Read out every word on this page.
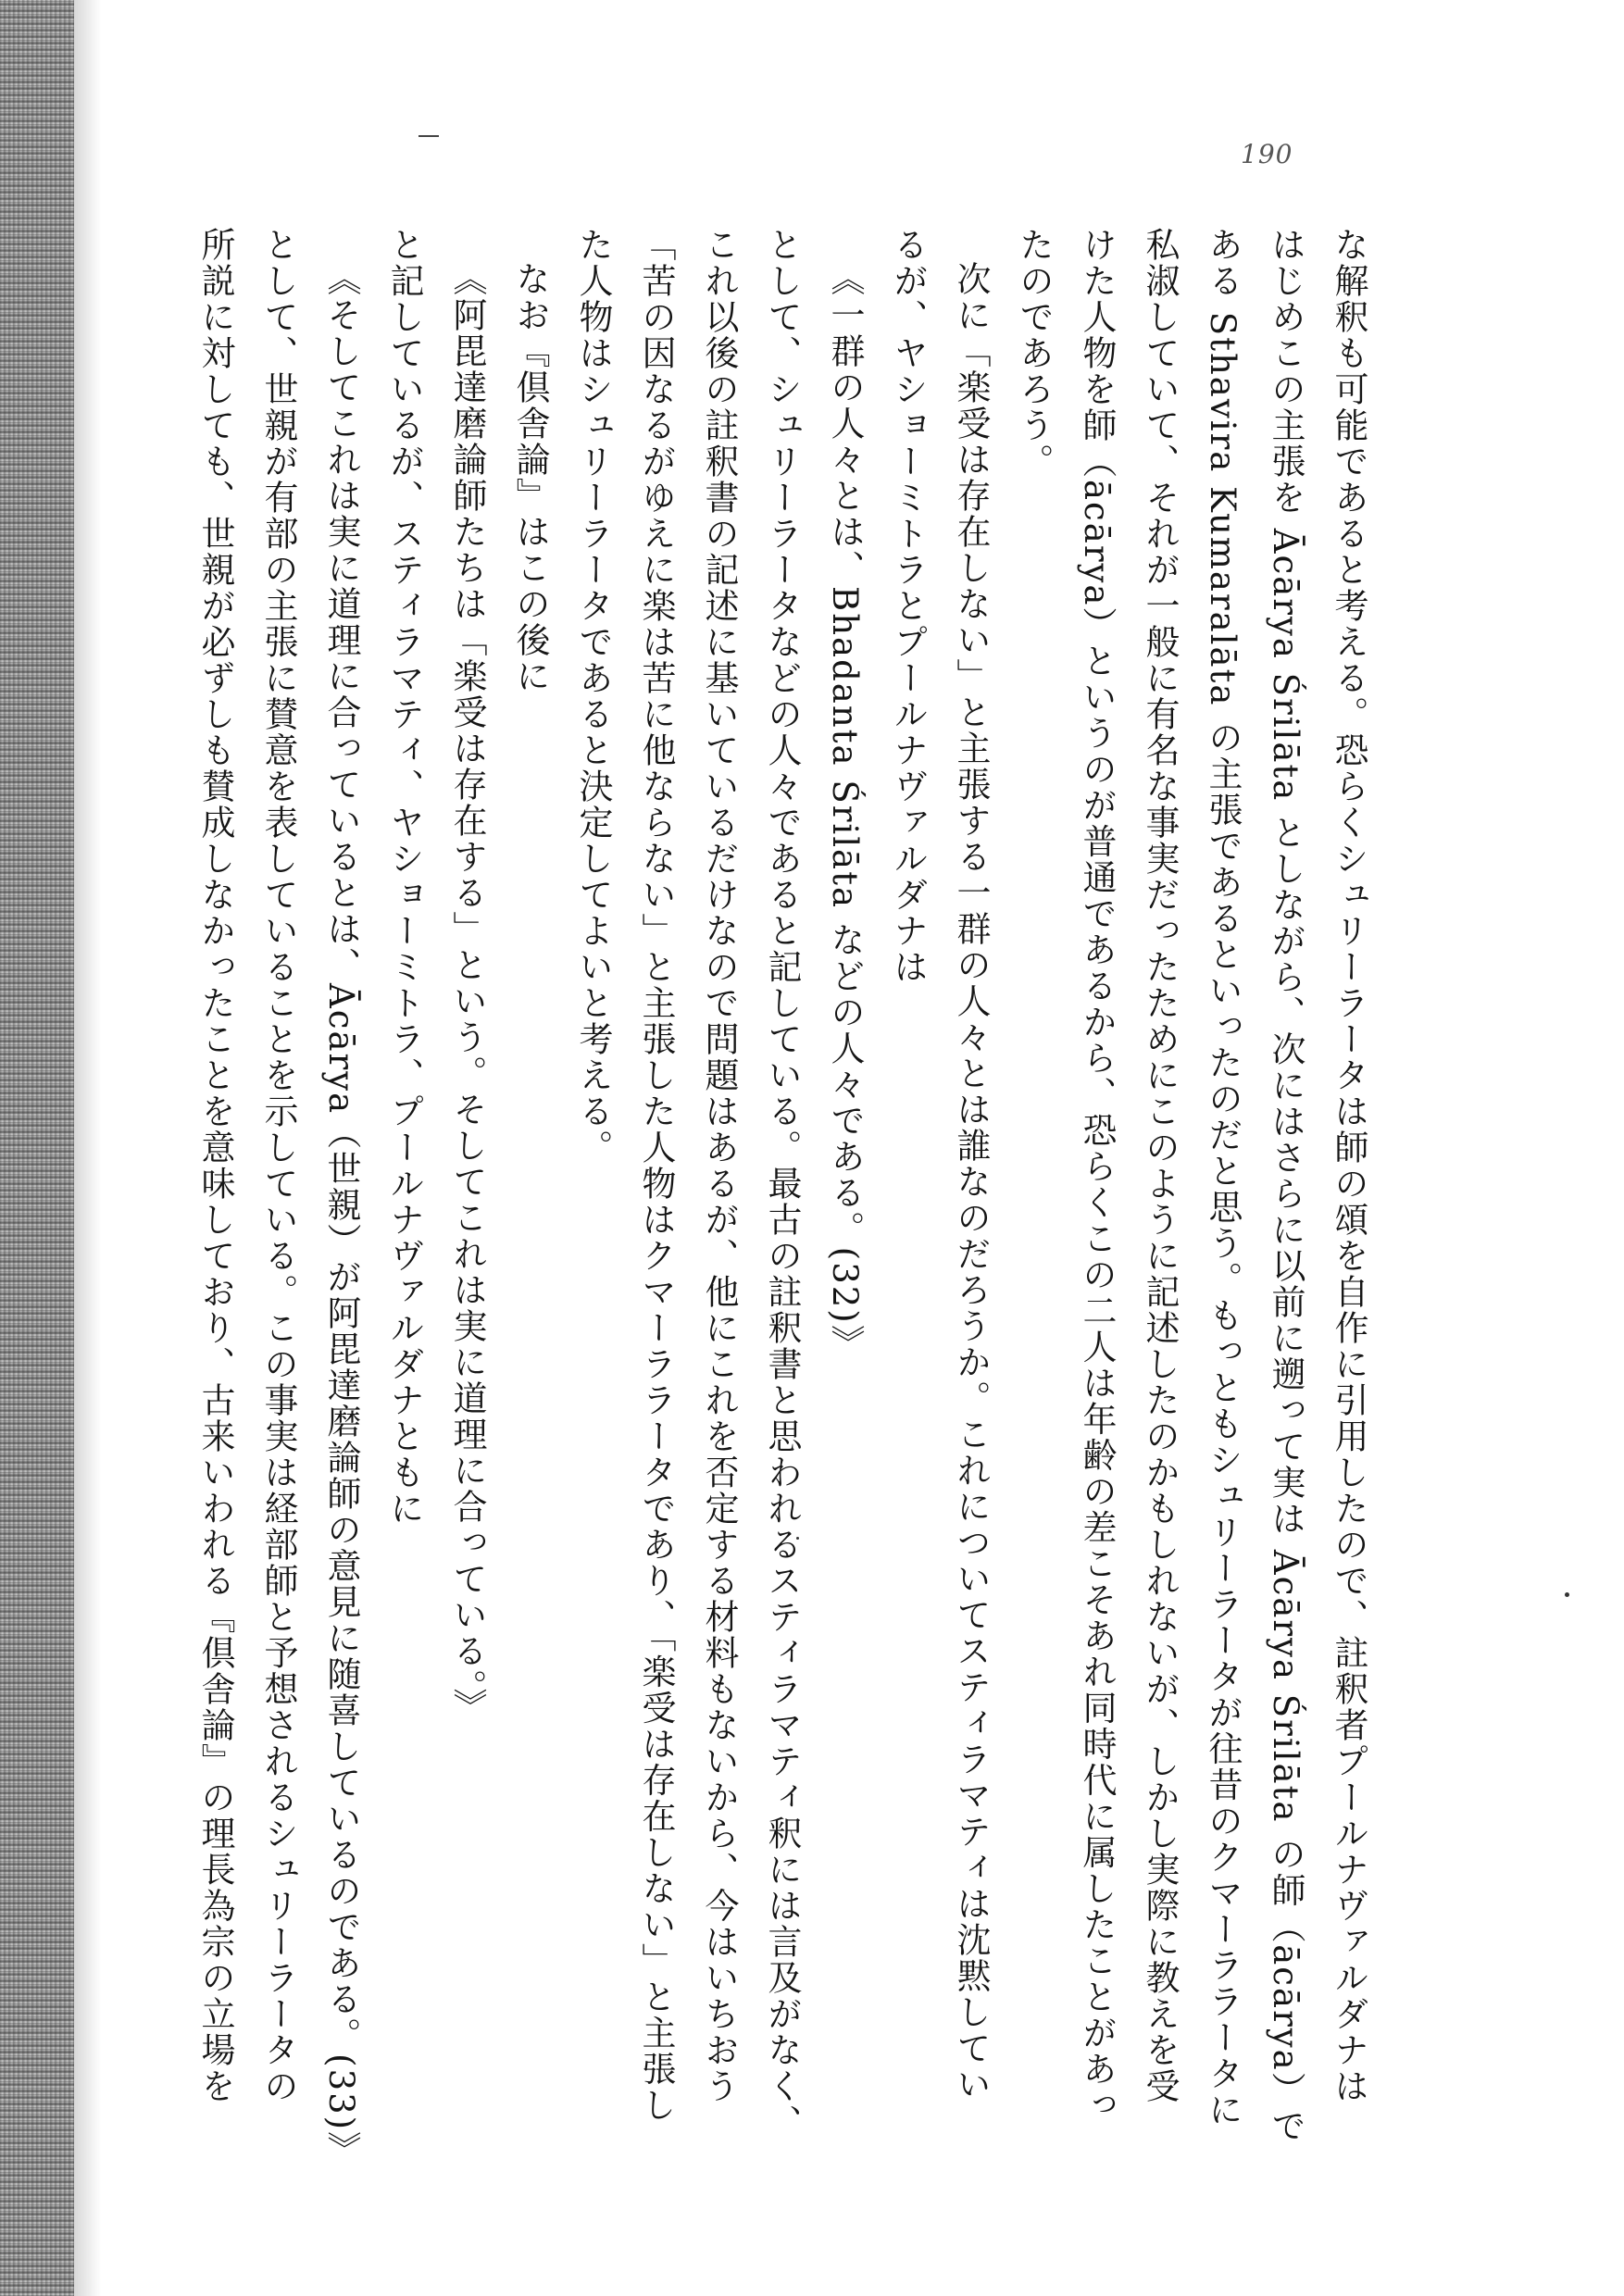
190
な解釈も可能であると考える。恐らくシュリーラータは師の頌を自作に引用したので、註釈者プールナヴァルダナは
はじめこの主張を Ācārya Śrilāta としながら、次にはさらに以前に遡って実は Ācārya Śrilāta の師（ācārya）で
ある Sthavira Kumaralāta の主張であるといったのだと思う。もっともシュリーラータが往昔のクマーララータに
私淑していて、それが一般に有名な事実だったためにこのように記述したのかもしれないが、しかし実際に教えを受
けた人物を師（ācārya）というのが普通であるから、恐らくこの二人は年齢の差こそあれ同時代に属したことがあっ
たのであろう。
次に「楽受は存在しない」と主張する一群の人々とは誰なのだろうか。これについてスティラマティは沈黙してい
るが、ヤショーミトラとプールナヴァルダナは
《一群の人々とは、Bhadanta Śrilāta などの人々である。(32)》
として、シュリーラータなどの人々であると記している。最古の註釈書と思われるスティラマティ釈には言及がなく、
これ以後の註釈書の記述に基いているだけなので問題はあるが、他にこれを否定する材料もないから、今はいちおう
「苦の因なるがゆえに楽は苦に他ならない」と主張した人物はクマーララータであり、「楽受は存在しない」と主張し
た人物はシュリーラータであると決定してよいと考える。
なお『倶舎論』はこの後に
《阿毘達磨論師たちは「楽受は存在する」という。そしてこれは実に道理に合っている。》
と記しているが、スティラマティ、ヤショーミトラ、プールナヴァルダナともに
《そしてこれは実に道理に合っているとは、Ācārya（世親）が阿毘達磨論師の意見に随喜しているのである。(33)》
として、世親が有部の主張に賛意を表していることを示している。この事実は経部師と予想されるシュリーラータの
所説に対しても、世親が必ずしも賛成しなかったことを意味しており、古来いわれる『倶舎論』の理長為宗の立場を
